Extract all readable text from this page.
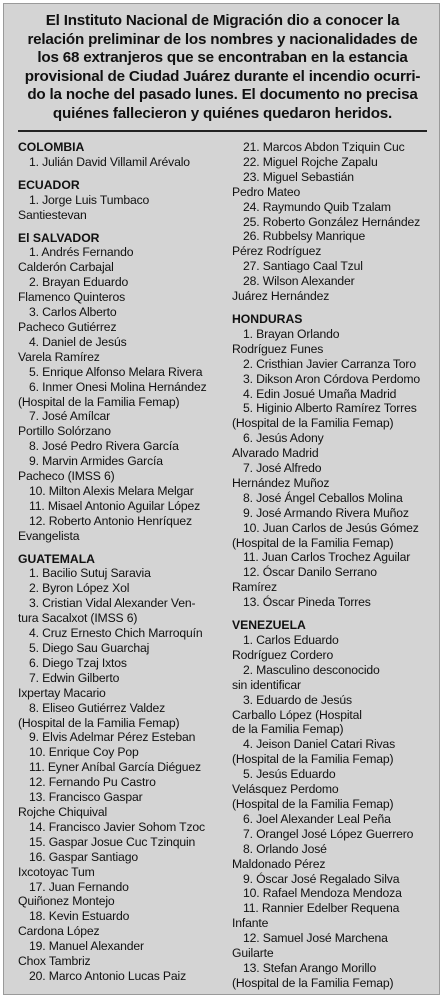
El Instituto Nacional de Migración dio a conocer la
relación preliminar de los nombres y nacionalidades de
los 68 extranjeros que se encontraban en la estancia
provisional de Ciudad Juárez durante el incendio ocurri-
do la noche del pasado lunes. El documento no precisa
quiénes fallecieron y quiénes quedaron heridos.
COLOMBIA
1. Julián David Villamil Arévalo
ECUADOR
1. Jorge Luis Tumbaco
Santiestevan
El SALVADOR
1. Andrés Fernando
Calderón Carbajal
2. Brayan Eduardo
Flamenco Quinteros
3. Carlos Alberto
Pacheco Gutiérrez
4. Daniel de Jesús
Varela Ramírez
5. Enrique Alfonso Melara Rivera
6. Inmer Onesi Molina Hernández
(Hospital de la Familia Femap)
7. José Amílcar
Portillo Solórzano
8. José Pedro Rivera García
9. Marvin Armides García
Pacheco (IMSS 6)
10. Milton Alexis Melara Melgar
11. Misael Antonio Aguilar López
12. Roberto Antonio Henríquez
Evangelista
GUATEMALA
1. Bacilio Sutuj Saravia
2. Byron López Xol
3. Cristian Vidal Alexander Ven-
tura Sacalxot (IMSS 6)
4. Cruz Ernesto Chich Marroquín
5. Diego Sau Guarchaj
6. Diego Tzaj Ixtos
7. Edwin Gilberto
Ixpertay Macario
8. Eliseo Gutiérrez Valdez
(Hospital de la Familia Femap)
9. Elvis Adelmar Pérez Esteban
10. Enrique Coy Pop
11. Eyner Aníbal García Diéguez
12. Fernando Pu Castro
13. Francisco Gaspar
Rojche Chiquival
14. Francisco Javier Sohom Tzoc
15. Gaspar Josue Cuc Tzinquin
16. Gaspar Santiago
Ixcotoyac Tum
17. Juan Fernando
Quiñonez Montejo
18. Kevin Estuardo
Cardona López
19. Manuel Alexander
Chox Tambriz
20. Marco Antonio Lucas Paiz
21. Marcos Abdon Tziquin Cuc
22. Miguel Rojche Zapalu
23. Miguel Sebastián
Pedro Mateo
24. Raymundo Quib Tzalam
25. Roberto González Hernández
26. Rubbelsy Manrique
Pérez Rodríguez
27. Santiago Caal Tzul
28. Wilson Alexander
Juárez Hernández
HONDURAS
1. Brayan Orlando
Rodríguez Funes
2. Cristhian Javier Carranza Toro
3. Dikson Aron Córdova Perdomo
4. Edin Josué Umaña Madrid
5. Higinio Alberto Ramírez Torres
(Hospital de la Familia Femap)
6. Jesús Adony
Alvarado Madrid
7. José Alfredo
Hernández Muñoz
8. José Ángel Ceballos Molina
9. José Armando Rivera Muñoz
10. Juan Carlos de Jesús Gómez
(Hospital de la Familia Femap)
11. Juan Carlos Trochez Aguilar
12. Óscar Danilo Serrano
Ramírez
13. Óscar Pineda Torres
VENEZUELA
1. Carlos Eduardo
Rodríguez Cordero
2. Masculino desconocido
sin identificar
3. Eduardo de Jesús
Carballo López (Hospital
de la Familia Femap)
4. Jeison Daniel Catari Rivas
(Hospital de la Familia Femap)
5. Jesús Eduardo
Velásquez Perdomo
(Hospital de la Familia Femap)
6. Joel Alexander Leal Peña
7. Orangel José López Guerrero
8. Orlando José
Maldonado Pérez
9. Óscar José Regalado Silva
10. Rafael Mendoza Mendoza
11. Rannier Edelber Requena
Infante
12. Samuel José Marchena
Guilarte
13. Stefan Arango Morillo
(Hospital de la Familia Femap)
